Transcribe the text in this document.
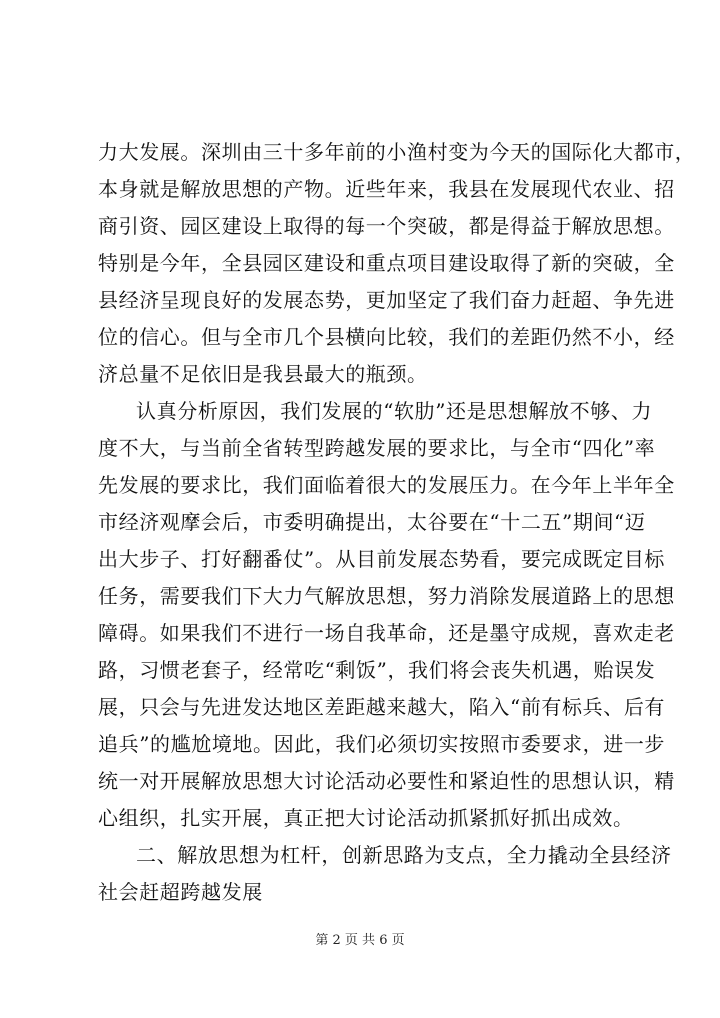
力大发展。深圳由三十多年前的小渔村变为今天的国际化大都市，
本身就是解放思想的产物。近些年来，我县在发展现代农业、招
商引资、园区建设上取得的每一个突破，都是得益于解放思想。
特别是今年，全县园区建设和重点项目建设取得了新的突破，全
县经济呈现良好的发展态势，更加坚定了我们奋力赶超、争先进
位的信心。但与全市几个县横向比较，我们的差距仍然不小，经
济总量不足依旧是我县最大的瓶颈。
认真分析原因，我们发展的“软肋”还是思想解放不够、力
度不大，与当前全省转型跨越发展的要求比，与全市“四化”率
先发展的要求比，我们面临着很大的发展压力。在今年上半年全
市经济观摩会后，市委明确提出，太谷要在“十二五”期间“迈
出大步子、打好翻番仗”。从目前发展态势看，要完成既定目标
任务，需要我们下大力气解放思想，努力消除发展道路上的思想
障碍。如果我们不进行一场自我革命，还是墨守成规，喜欢走老
路，习惯老套子，经常吃“剩饭”，我们将会丧失机遇，贻误发
展，只会与先进发达地区差距越来越大，陷入“前有标兵、后有
追兵”的尴尬境地。因此，我们必须切实按照市委要求，进一步
统一对开展解放思想大讨论活动必要性和紧迫性的思想认识，精
心组织，扎实开展，真正把大讨论活动抓紧抓好抓出成效。
二、解放思想为杠杆，创新思路为支点，全力撬动全县经济
社会赶超跨越发展
第 2 页 共 6 页
